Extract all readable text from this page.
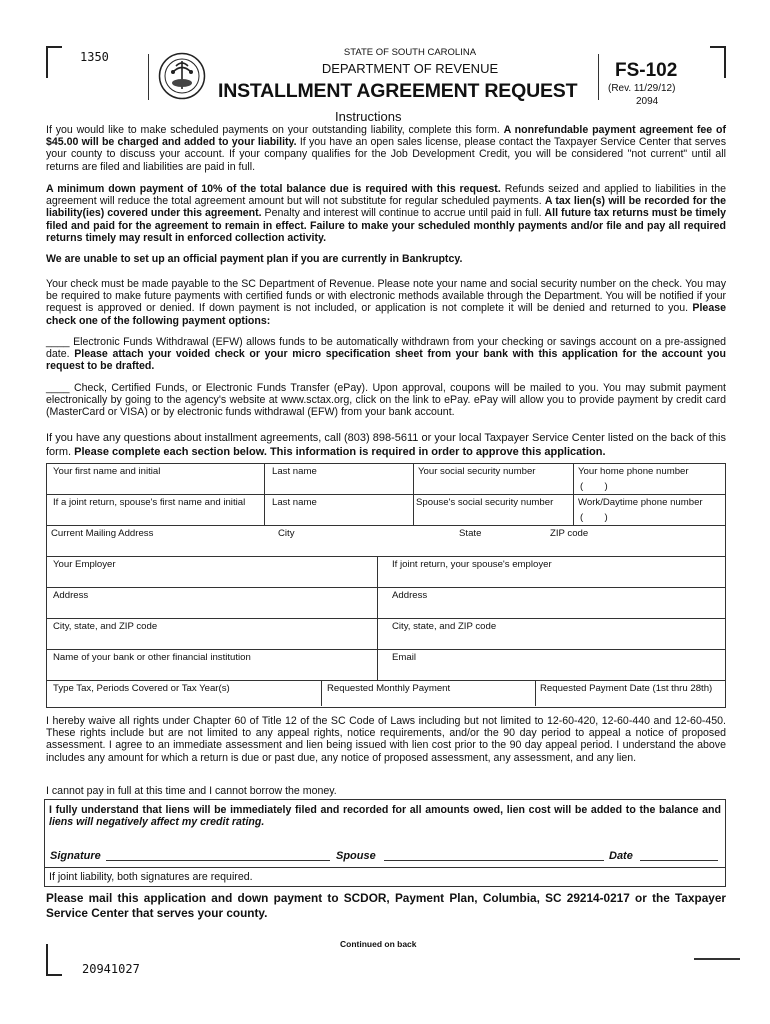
1350	STATE OF SOUTH CAROLINA
DEPARTMENT OF REVENUE
INSTALLMENT AGREEMENT REQUEST
FS-102
(Rev. 11/29/12)
2094
Instructions

If you would like to make scheduled payments on your outstanding liability, complete this form. A nonrefundable payment agreement fee of $45.00 will be charged and added to your liability. If you have an open sales license, please contact the Taxpayer Service Center that serves your county to discuss your account. If your company qualifies for the Job Development Credit, you will be considered "not current" until all returns are filed and liabilities are paid in full.

A minimum down payment of 10% of the total balance due is required with this request. Refunds seized and applied to liabilities in the agreement will reduce the total agreement amount but will not substitute for regular scheduled payments. A tax lien(s) will be recorded for the liability(ies) covered under this agreement. Penalty and interest will continue to accrue until paid in full. All future tax returns must be timely filed and paid for the agreement to remain in effect. Failure to make your scheduled monthly payments and/or file and pay all required returns timely may result in enforced collection activity.

We are unable to set up an official payment plan if you are currently in Bankruptcy.

Your check must be made payable to the SC Department of Revenue. Please note your name and social security number on the check. You may be required to make future payments with certified funds or with electronic methods available through the Department. You will be notified if your request is approved or denied. If down payment is not included, or application is not complete it will be denied and returned to you. Please check one of the following payment options:

____ Electronic Funds Withdrawal (EFW) allows funds to be automatically withdrawn from your checking or savings account on a pre-assigned date. Please attach your voided check or your micro specification sheet from your bank with this application for the account you request to be drafted.

____ Check, Certified Funds, or Electronic Funds Transfer (ePay). Upon approval, coupons will be mailed to you. You may submit payment electronically by going to the agency's website at www.sctax.org, click on the link to ePay. ePay will allow you to provide payment by credit card (MasterCard or VISA) or by electronic funds withdrawal (EFW) from your bank account.

If you have any questions about installment agreements, call (803) 898-5611 or your local Taxpayer Service Center listed on the back of this form. Please complete each section below. This information is required in order to approve this application.

Your first name and initial	Last name	Your social security number	Your home phone number
(        )
If a joint return, spouse's first name and initial	Last name	Spouse's social security number	Work/Daytime phone number
(        )
Current Mailing Address	City	State	ZIP code
Your Employer	If joint return, your spouse's employer
Address	Address
City, state, and ZIP code	City, state, and ZIP code
Name of your bank or other financial institution	Email
Type Tax, Periods Covered or Tax Year(s)	Requested Monthly Payment	Requested Payment Date (1st thru 28th)

I hereby waive all rights under Chapter 60 of Title 12 of the SC Code of Laws including but not limited to 12-60-420, 12-60-440 and 12-60-450. These rights include but are not limited to any appeal rights, notice requirements, and/or the 90 day period to appeal a notice of proposed assessment. I agree to an immediate assessment and lien being issued with lien cost prior to the 90 day appeal period. I understand the above includes any amount for which a return is due or past due, any notice of proposed assessment, any assessment, and any lien.

I cannot pay in full at this time and I cannot borrow the money.

I fully understand that liens will be immediately filed and recorded for all amounts owed, lien cost will be added to the balance and liens will negatively affect my credit rating.

Signature	Spouse	Date
If joint liability, both signatures are required.

Please mail this application and down payment to SCDOR, Payment Plan, Columbia, SC 29214-0217 or the Taxpayer Service Center that serves your county.

Continued on back
20941027
